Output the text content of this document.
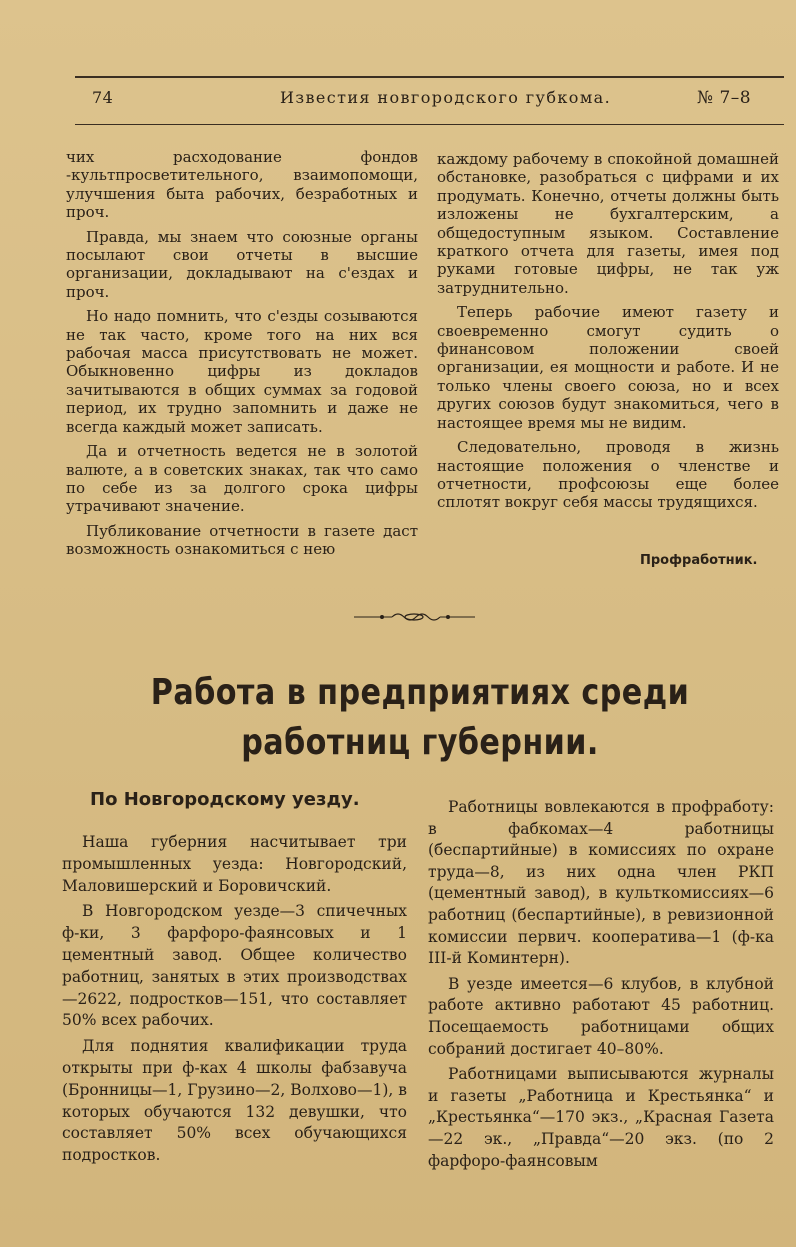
74	Известия новгородского губкома.	№ 7–8

чих расходование фондов -культпросветительного, взаимопомощи, улучшения быта рабочих, безработных и проч.

Правда, мы знаем что союзные органы посылают свои отчеты в высшие организации, докладывают на с'ездах и проч.

Но надо помнить, что с'езды созываются не так часто, кроме того на них вся рабочая масса присутствовать не может. Обыкновенно цифры из докладов зачитываются в общих суммах за годовой период, их трудно запомнить и даже не всегда каждый может записать.

Да и отчетность ведется не в золотой валюте, а в советских знаках, так что само по себе из за долгого срока цифры утрачивают значение.

Публикование отчетности в газете даст возможность ознакомиться с нею

каждому рабочему в спокойной домашней обстановке, разобраться с цифрами и их продумать. Конечно, отчеты должны быть изложены не бухгалтерским, а общедоступным языком. Составление краткого отчета для газеты, имея под руками готовые цифры, не так уж затруднительно.

Теперь рабочие имеют газету и своевременно смогут судить о финансовом положении своей организации, ея мощности и работе. И не только члены своего союза, но и всех других союзов будут знакомиться, чего в настоящее время мы не видим.

Следовательно, проводя в жизнь настоящие положения о членстве и отчетности, профсоюзы еще более сплотят вокруг себя массы трудящихся.

Профработник.
Работа в предприятиях среди работниц губернии.
По Новгородскому уезду.

Наша губерния насчитывает три промышленных уезда: Новгородский, Маловишерский и Боровичский.

В Новгородском уезде—3 спичечных ф-ки, 3 фарфоро-фаянсовых и 1 цементный завод. Общее количество работниц, занятых в этих производствах—2622, подростков—151, что составляет 50% всех рабочих.

Для поднятия квалификации труда открыты при ф-ках 4 школы фабзавуча (Бронницы—1, Грузино—2, Волхово—1), в которых обучаются 132 девушки, что составляет 50% всех обучающихся подростков.

Работницы вовлекаются в профработу: в фабкомах—4 работницы (беспартийные) в комиссиях по охране труда—8, из них одна член РКП (цементный завод), в культкомиссиях—6 работниц (беспартийные), в ревизионной комиссии первич. кооператива—1 (ф-ка III-й Коминтерн).

В уезде имеется—6 клубов, в клубной работе активно работают 45 работниц. Посещаемость работницами общих собраний достигает 40–80%.

Работницами выписываются журналы и газеты „Работница и Крестьянка“ и „Крестьянка“—170 экз., „Красная Газета—22 эк., „Правда“—20 экз. (по 2 фарфоро-фаянсовым
